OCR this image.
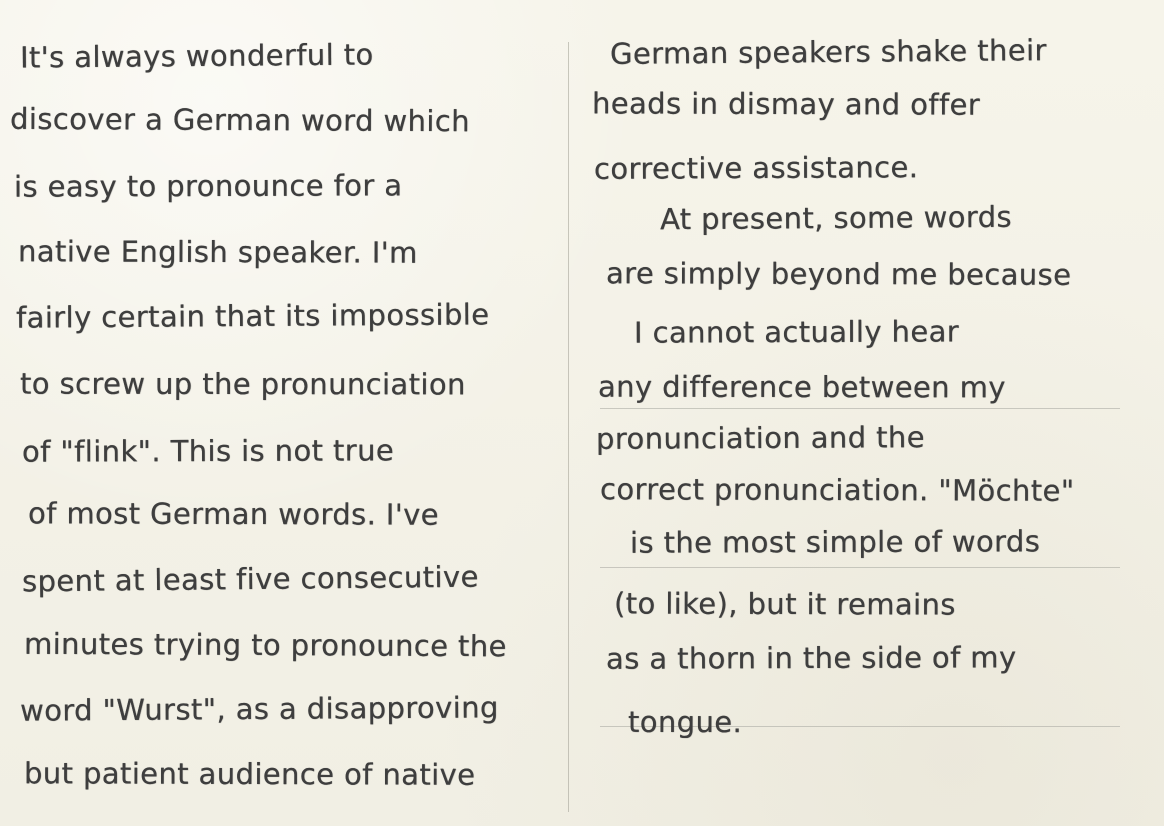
It's always wonderful to

discover a German word which

is easy to pronounce for a

native English speaker. I'm

fairly certain that its impossible

to screw up the pronunciation

of "flink". This is not true

of most German words. I've

spent at least five consecutive

minutes trying to pronounce the

word "Wurst", as a disapproving

but patient audience of native

German speakers shake their

heads in dismay and offer

corrective assistance.

At present, some words

are simply beyond me because

I cannot actually hear

any difference between my

pronunciation and the

correct pronunciation. "Möchte"

is the most simple of words

(to like), but it remains

as a thorn in the side of my

tongue.
